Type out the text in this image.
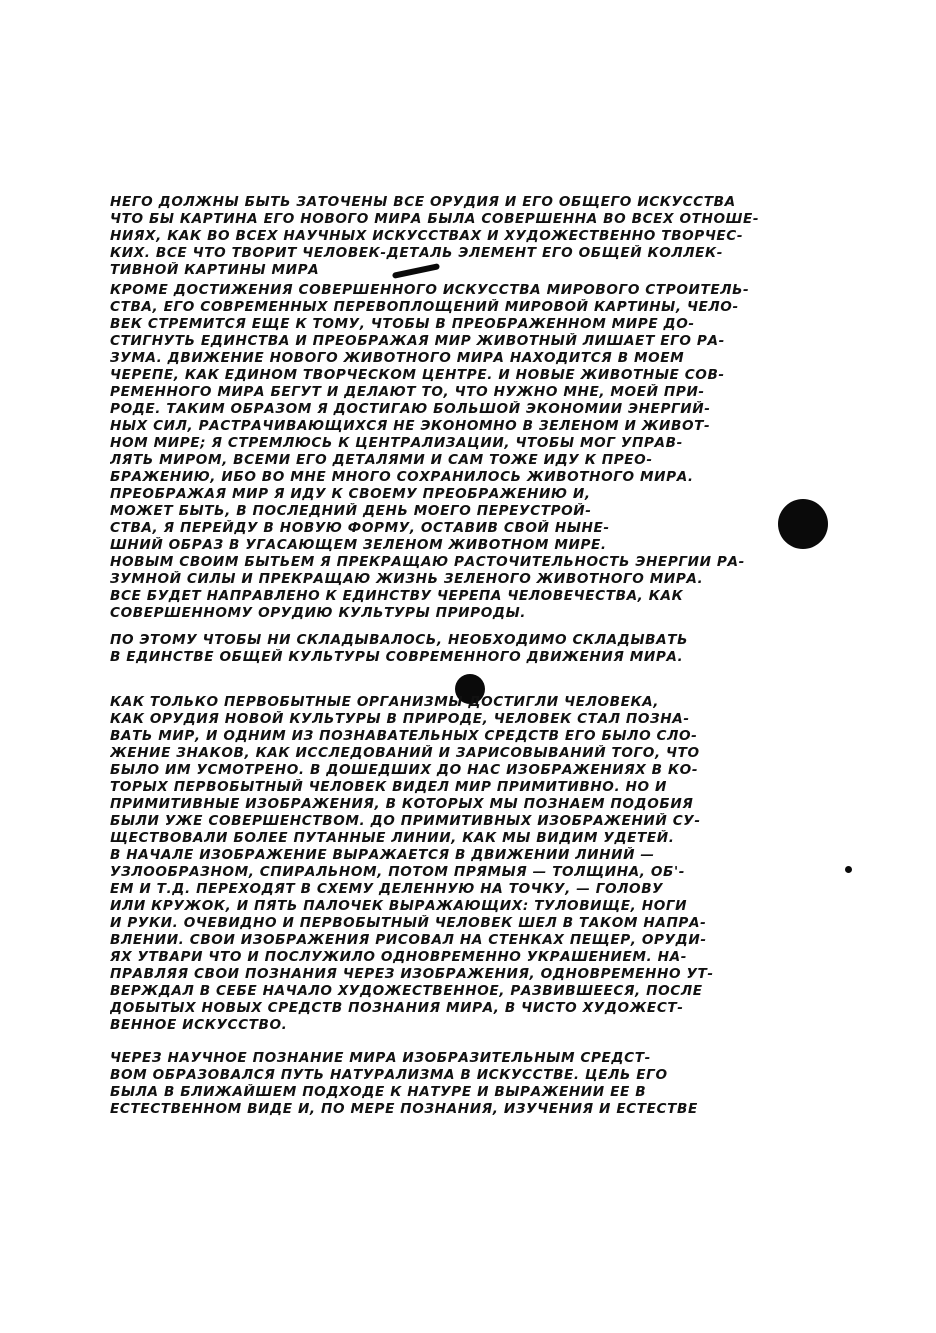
НЕГО ДОЛЖНЫ БЫТЬ ЗАТОЧЕНЫ ВСЕ ОРУДИЯ И ЕГО ОБЩЕГО ИСКУССТВА
ЧТО БЫ КАРТИНА ЕГО НОВОГО МИРА БЫЛА СОВЕРШЕННА ВО ВСЕХ ОТНОШЕ-
НИЯХ, КАК ВО ВСЕХ НАУЧНЫХ ИСКУССТВАХ И ХУДОЖЕСТВЕННО ТВОРЧЕС-
КИХ. ВСЕ ЧТО ТВОРИТ ЧЕЛОВЕК-ДЕТАЛЬ ЭЛЕМЕНТ ЕГО ОБЩЕЙ КОЛЛЕК-
ТИВНОЙ КАРТИНЫ МИРА
КРОМЕ ДОСТИЖЕНИЯ СОВЕРШЕННОГО ИСКУССТВА МИРОВОГО СТРОИТЕЛЬ-
СТВА, ЕГО СОВРЕМЕННЫХ ПЕРЕВОПЛОЩЕНИЙ МИРОВОЙ КАРТИНЫ, ЧЕЛО-
ВЕК СТРЕМИТСЯ ЕЩЕ К ТОМУ, ЧТОБЫ В ПРЕОБРАЖЕННОМ МИРЕ ДО-
СТИГНУТЬ ЕДИНСТВА И ПРЕОБРАЖАЯ МИР ЖИВОТНЫЙ ЛИШАЕТ ЕГО РА-
ЗУМА. ДВИЖЕНИЕ НОВОГО ЖИВОТНОГО МИРА НАХОДИТСЯ В МОЕМ
ЧЕРЕПЕ, КАК ЕДИНОМ ТВОРЧЕСКОМ ЦЕНТРЕ. И НОВЫЕ ЖИВОТНЫЕ СОВ-
РЕМЕННОГО МИРА БЕГУТ И ДЕЛАЮТ ТО, ЧТО НУЖНО МНЕ, МОЕЙ ПРИ-
РОДЕ. ТАКИМ ОБРАЗОМ Я ДОСТИГАЮ БОЛЬШОЙ ЭКОНОМИИ ЭНЕРГИЙ-
НЫХ СИЛ, РАСТРАЧИВАЮЩИХСЯ НЕ ЭКОНОМНО В ЗЕЛЕНОМ И ЖИВОТ-
НОМ МИРЕ; Я СТРЕМЛЮСЬ К ЦЕНТРАЛИЗАЦИИ, ЧТОБЫ МОГ УПРАВ-
ЛЯТЬ МИРОМ, ВСЕМИ ЕГО ДЕТАЛЯМИ И САМ ТОЖЕ ИДУ К ПРЕО-
БРАЖЕНИЮ, ИБО ВО МНЕ МНОГО СОХРАНИЛОСЬ ЖИВОТНОГО МИРА.
ПРЕОБРАЖАЯ МИР Я ИДУ К СВОЕМУ ПРЕОБРАЖЕНИЮ И,
МОЖЕТ БЫТЬ, В ПОСЛЕДНИЙ ДЕНЬ МОЕГО ПЕРЕУСТРОЙ-
СТВА, Я ПЕРЕЙДУ В НОВУЮ ФОРМУ, ОСТАВИВ СВОЙ НЫНЕ-
ШНИЙ ОБРАЗ В УГАСАЮЩЕМ ЗЕЛЕНОМ ЖИВОТНОМ МИРЕ.
НОВЫМ СВОИМ БЫТЬЕМ Я ПРЕКРАЩАЮ РАСТОЧИТЕЛЬНОСТЬ ЭНЕРГИИ РА-
ЗУМНОЙ СИЛЫ И ПРЕКРАЩАЮ ЖИЗНЬ ЗЕЛЕНОГО ЖИВОТНОГО МИРА.
ВСЕ БУДЕТ НАПРАВЛЕНО К ЕДИНСТВУ ЧЕРЕПА ЧЕЛОВЕЧЕСТВА, КАК
СОВЕРШЕННОМУ ОРУДИЮ КУЛЬТУРЫ ПРИРОДЫ.
ПО ЭТОМУ ЧТОБЫ НИ СКЛАДЫВАЛОСЬ, НЕОБХОДИМО СКЛАДЫВАТЬ
В ЕДИНСТВЕ ОБЩЕЙ КУЛЬТУРЫ СОВРЕМЕННОГО ДВИЖЕНИЯ МИРА.
КАК ТОЛЬКО ПЕРВОБЫТНЫЕ ОРГАНИЗМЫ ДОСТИГЛИ ЧЕЛОВЕКА,
КАК ОРУДИЯ НОВОЙ КУЛЬТУРЫ В ПРИРОДЕ, ЧЕЛОВЕК СТАЛ ПОЗНА-
ВАТЬ МИР, И ОДНИМ ИЗ ПОЗНАВАТЕЛЬНЫХ СРЕДСТВ ЕГО БЫЛО СЛО-
ЖЕНИЕ ЗНАКОВ, КАК ИССЛЕДОВАНИЙ И ЗАРИСОВЫВАНИЙ ТОГО, ЧТО
БЫЛО ИМ УСМОТРЕНО. В ДОШЕДШИХ ДО НАС ИЗОБРАЖЕНИЯХ В КО-
ТОРЫХ ПЕРВОБЫТНЫЙ ЧЕЛОВЕК ВИДЕЛ МИР ПРИМИТИВНО. НО И
ПРИМИТИВНЫЕ ИЗОБРАЖЕНИЯ, В КОТОРЫХ МЫ ПОЗНАЕМ ПОДОБИЯ
БЫЛИ УЖЕ СОВЕРШЕНСТВОМ. ДО ПРИМИТИВНЫХ ИЗОБРАЖЕНИЙ СУ-
ЩЕСТВОВАЛИ БОЛЕЕ ПУТАННЫЕ ЛИНИИ, КАК МЫ ВИДИМ УДЕТЕЙ.
В НАЧАЛЕ ИЗОБРАЖЕНИЕ ВЫРАЖАЕТСЯ В ДВИЖЕНИИ ЛИНИЙ —
УЗЛООБРАЗНОМ, СПИРАЛЬНОМ, ПОТОМ ПРЯМЫЯ — ТОЛЩИНА, ОБ'-
ЕМ И Т.Д. ПЕРЕХОДЯТ В СХЕМУ ДЕЛЕННУЮ НА ТОЧКУ, — ГОЛОВУ
ИЛИ КРУЖОК, И ПЯТЬ ПАЛОЧЕК ВЫРАЖАЮЩИХ: ТУЛОВИЩЕ, НОГИ
И РУКИ. ОЧЕВИДНО И ПЕРВОБЫТНЫЙ ЧЕЛОВЕК ШЕЛ В ТАКОМ НАПРА-
ВЛЕНИИ. СВОИ ИЗОБРАЖЕНИЯ РИСОВАЛ НА СТЕНКАХ ПЕЩЕР, ОРУДИ-
ЯХ УТВАРИ ЧТО И ПОСЛУЖИЛО ОДНОВРЕМЕННО УКРАШЕНИЕМ. НА-
ПРАВЛЯЯ СВОИ ПОЗНАНИЯ ЧЕРЕЗ ИЗОБРАЖЕНИЯ, ОДНОВРЕМЕННО УТ-
ВЕРЖДАЛ В СЕБЕ НАЧАЛО ХУДОЖЕСТВЕННОЕ, РАЗВИВШЕЕСЯ, ПОСЛЕ
ДОБЫТЫХ НОВЫХ СРЕДСТВ ПОЗНАНИЯ МИРА, В ЧИСТО ХУДОЖЕСТ-
ВЕННОЕ ИСКУССТВО.
ЧЕРЕЗ НАУЧНОЕ ПОЗНАНИЕ МИРА ИЗОБРАЗИТЕЛЬНЫМ СРЕДСТ-
ВОМ ОБРАЗОВАЛСЯ ПУТЬ НАТУРАЛИЗМА В ИСКУССТВЕ. ЦЕЛЬ ЕГО
БЫЛА В БЛИЖАЙШЕМ ПОДХОДЕ К НАТУРЕ И ВЫРАЖЕНИИ ЕЕ В
ЕСТЕСТВЕННОМ ВИДЕ И, ПО МЕРЕ ПОЗНАНИЯ, ИЗУЧЕНИЯ И ЕСТЕСТВЕ
